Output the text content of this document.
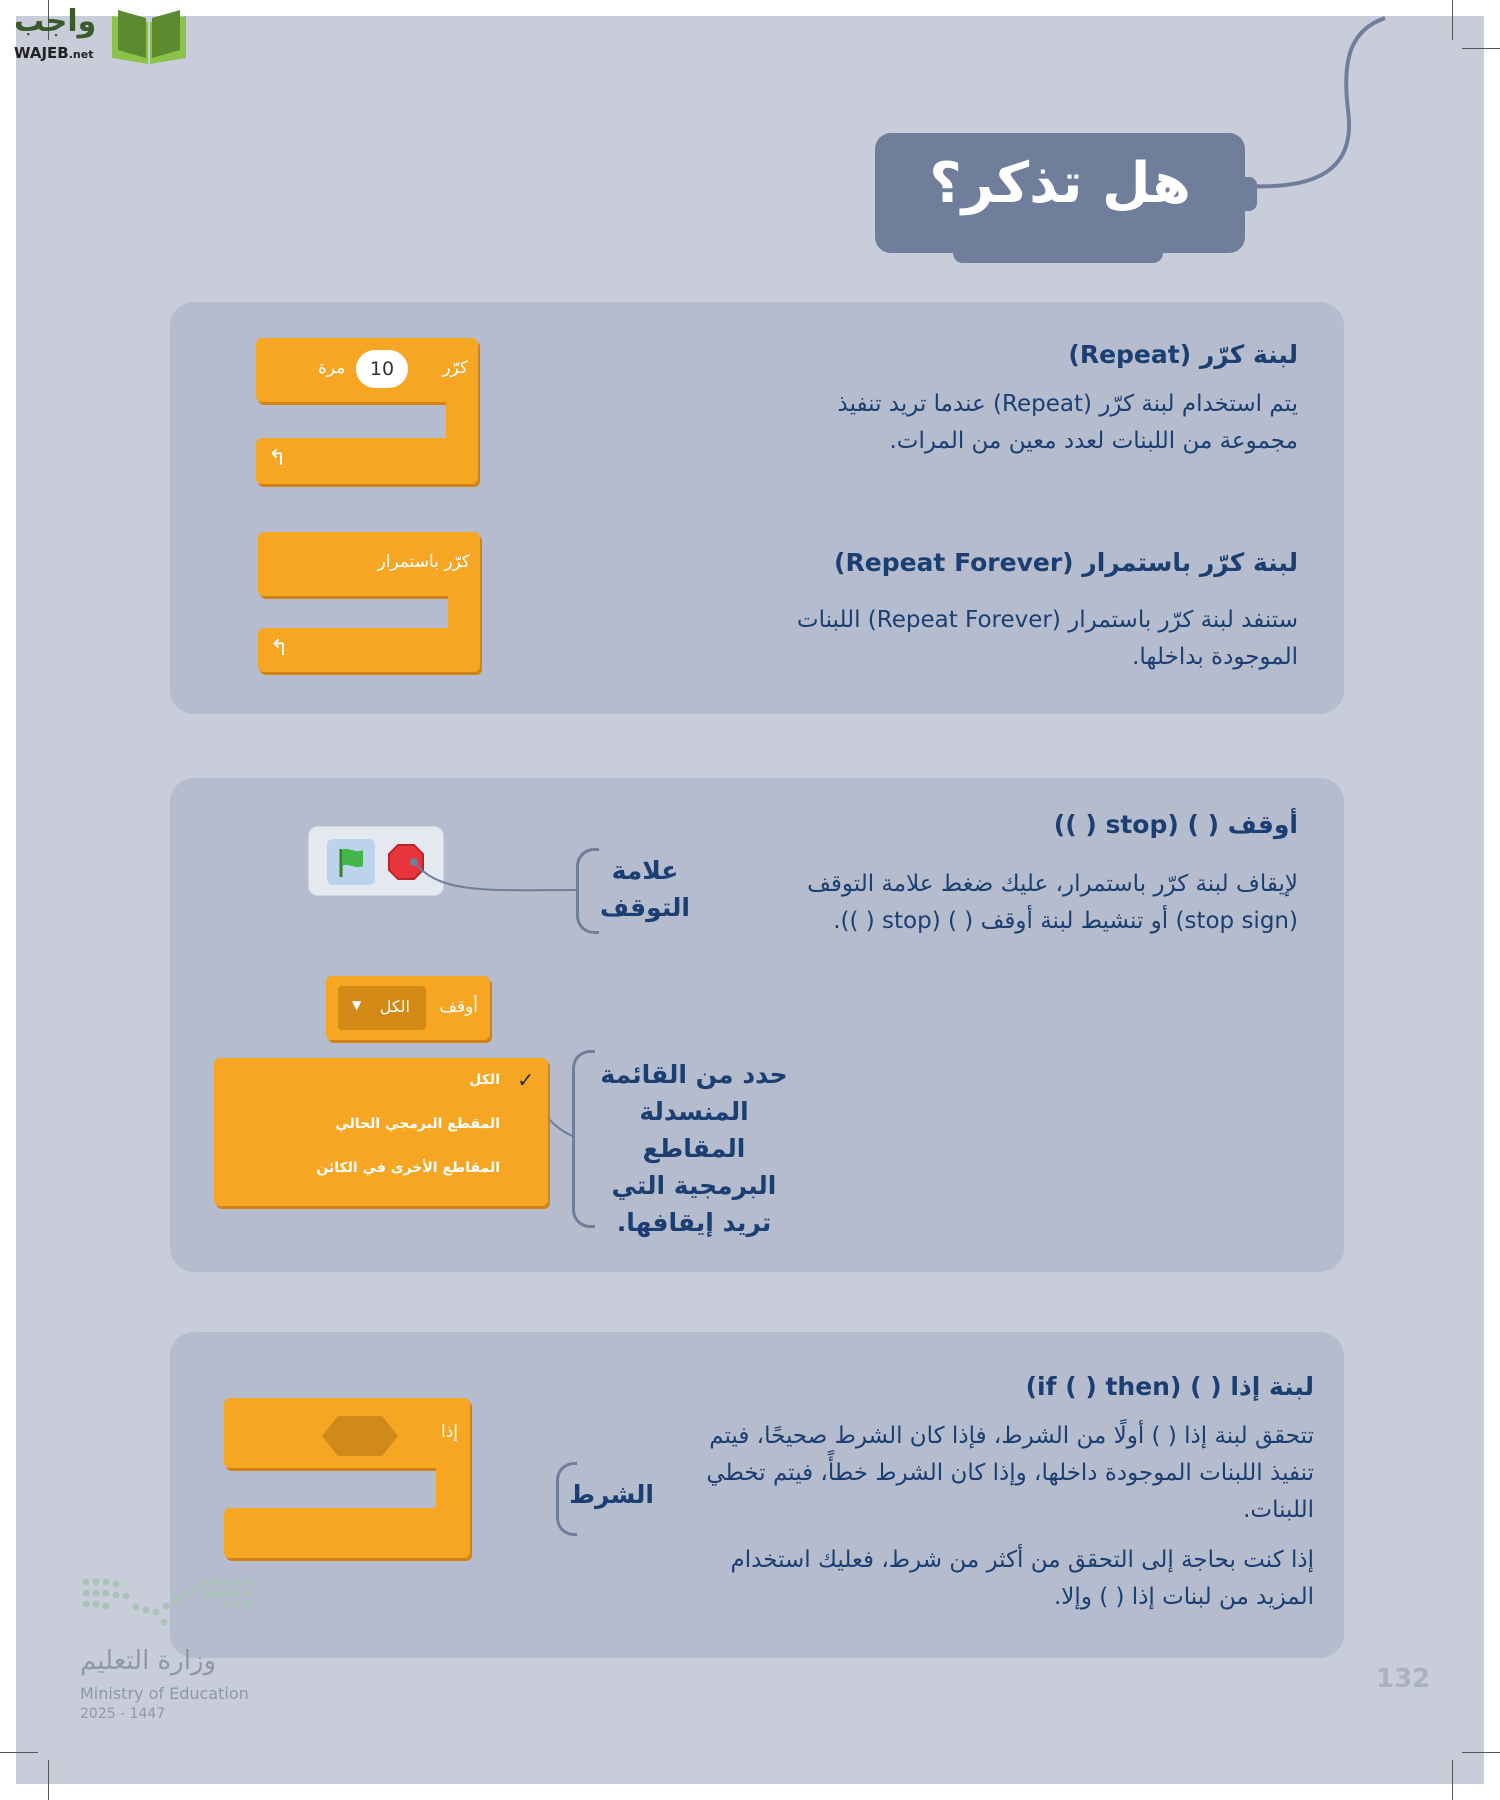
واجب
WAJEB.net
هل تذكر؟
لبنة كرّر (Repeat)
يتم استخدام لبنة كرّر (Repeat) عندما تريد تنفيذ مجموعة من اللبنات لعدد معين من المرات.
كرّر
10
مرة
↰
لبنة كرّر باستمرار (Repeat Forever)
ستنفد لبنة كرّر باستمرار (Repeat Forever) اللبنات الموجودة بداخلها.
كرّر باستمرار
↰
أوقف ( ) (stop ( ))
لإيقاف لبنة كرّر باستمرار، عليك ضغط علامة التوقف (stop sign) أو تنشيط لبنة أوقف ( ) (stop ( )).
علامة التوقف
أوقف
الكل
▼
✓
الكل
المقطع البرمجي الحالي
المقاطع الأخرى في الكائن
حدد من القائمة المنسدلة المقاطع البرمجية التي تريد إيقافها.
لبنة إذا ( ) (if ( ) then)
تتحقق لبنة إذا ( ) أولًا من الشرط، فإذا كان الشرط صحيحًا، فيتم تنفيذ اللبنات الموجودة داخلها، وإذا كان الشرط خطأً، فيتم تخطي اللبنات.
إذا كنت بحاجة إلى التحقق من أكثر من شرط، فعليك استخدام المزيد من لبنات إذا ( ) وإلا.
إذا
الشرط
وزارة التعليم
Ministry of Education
2025 - 1447
132
